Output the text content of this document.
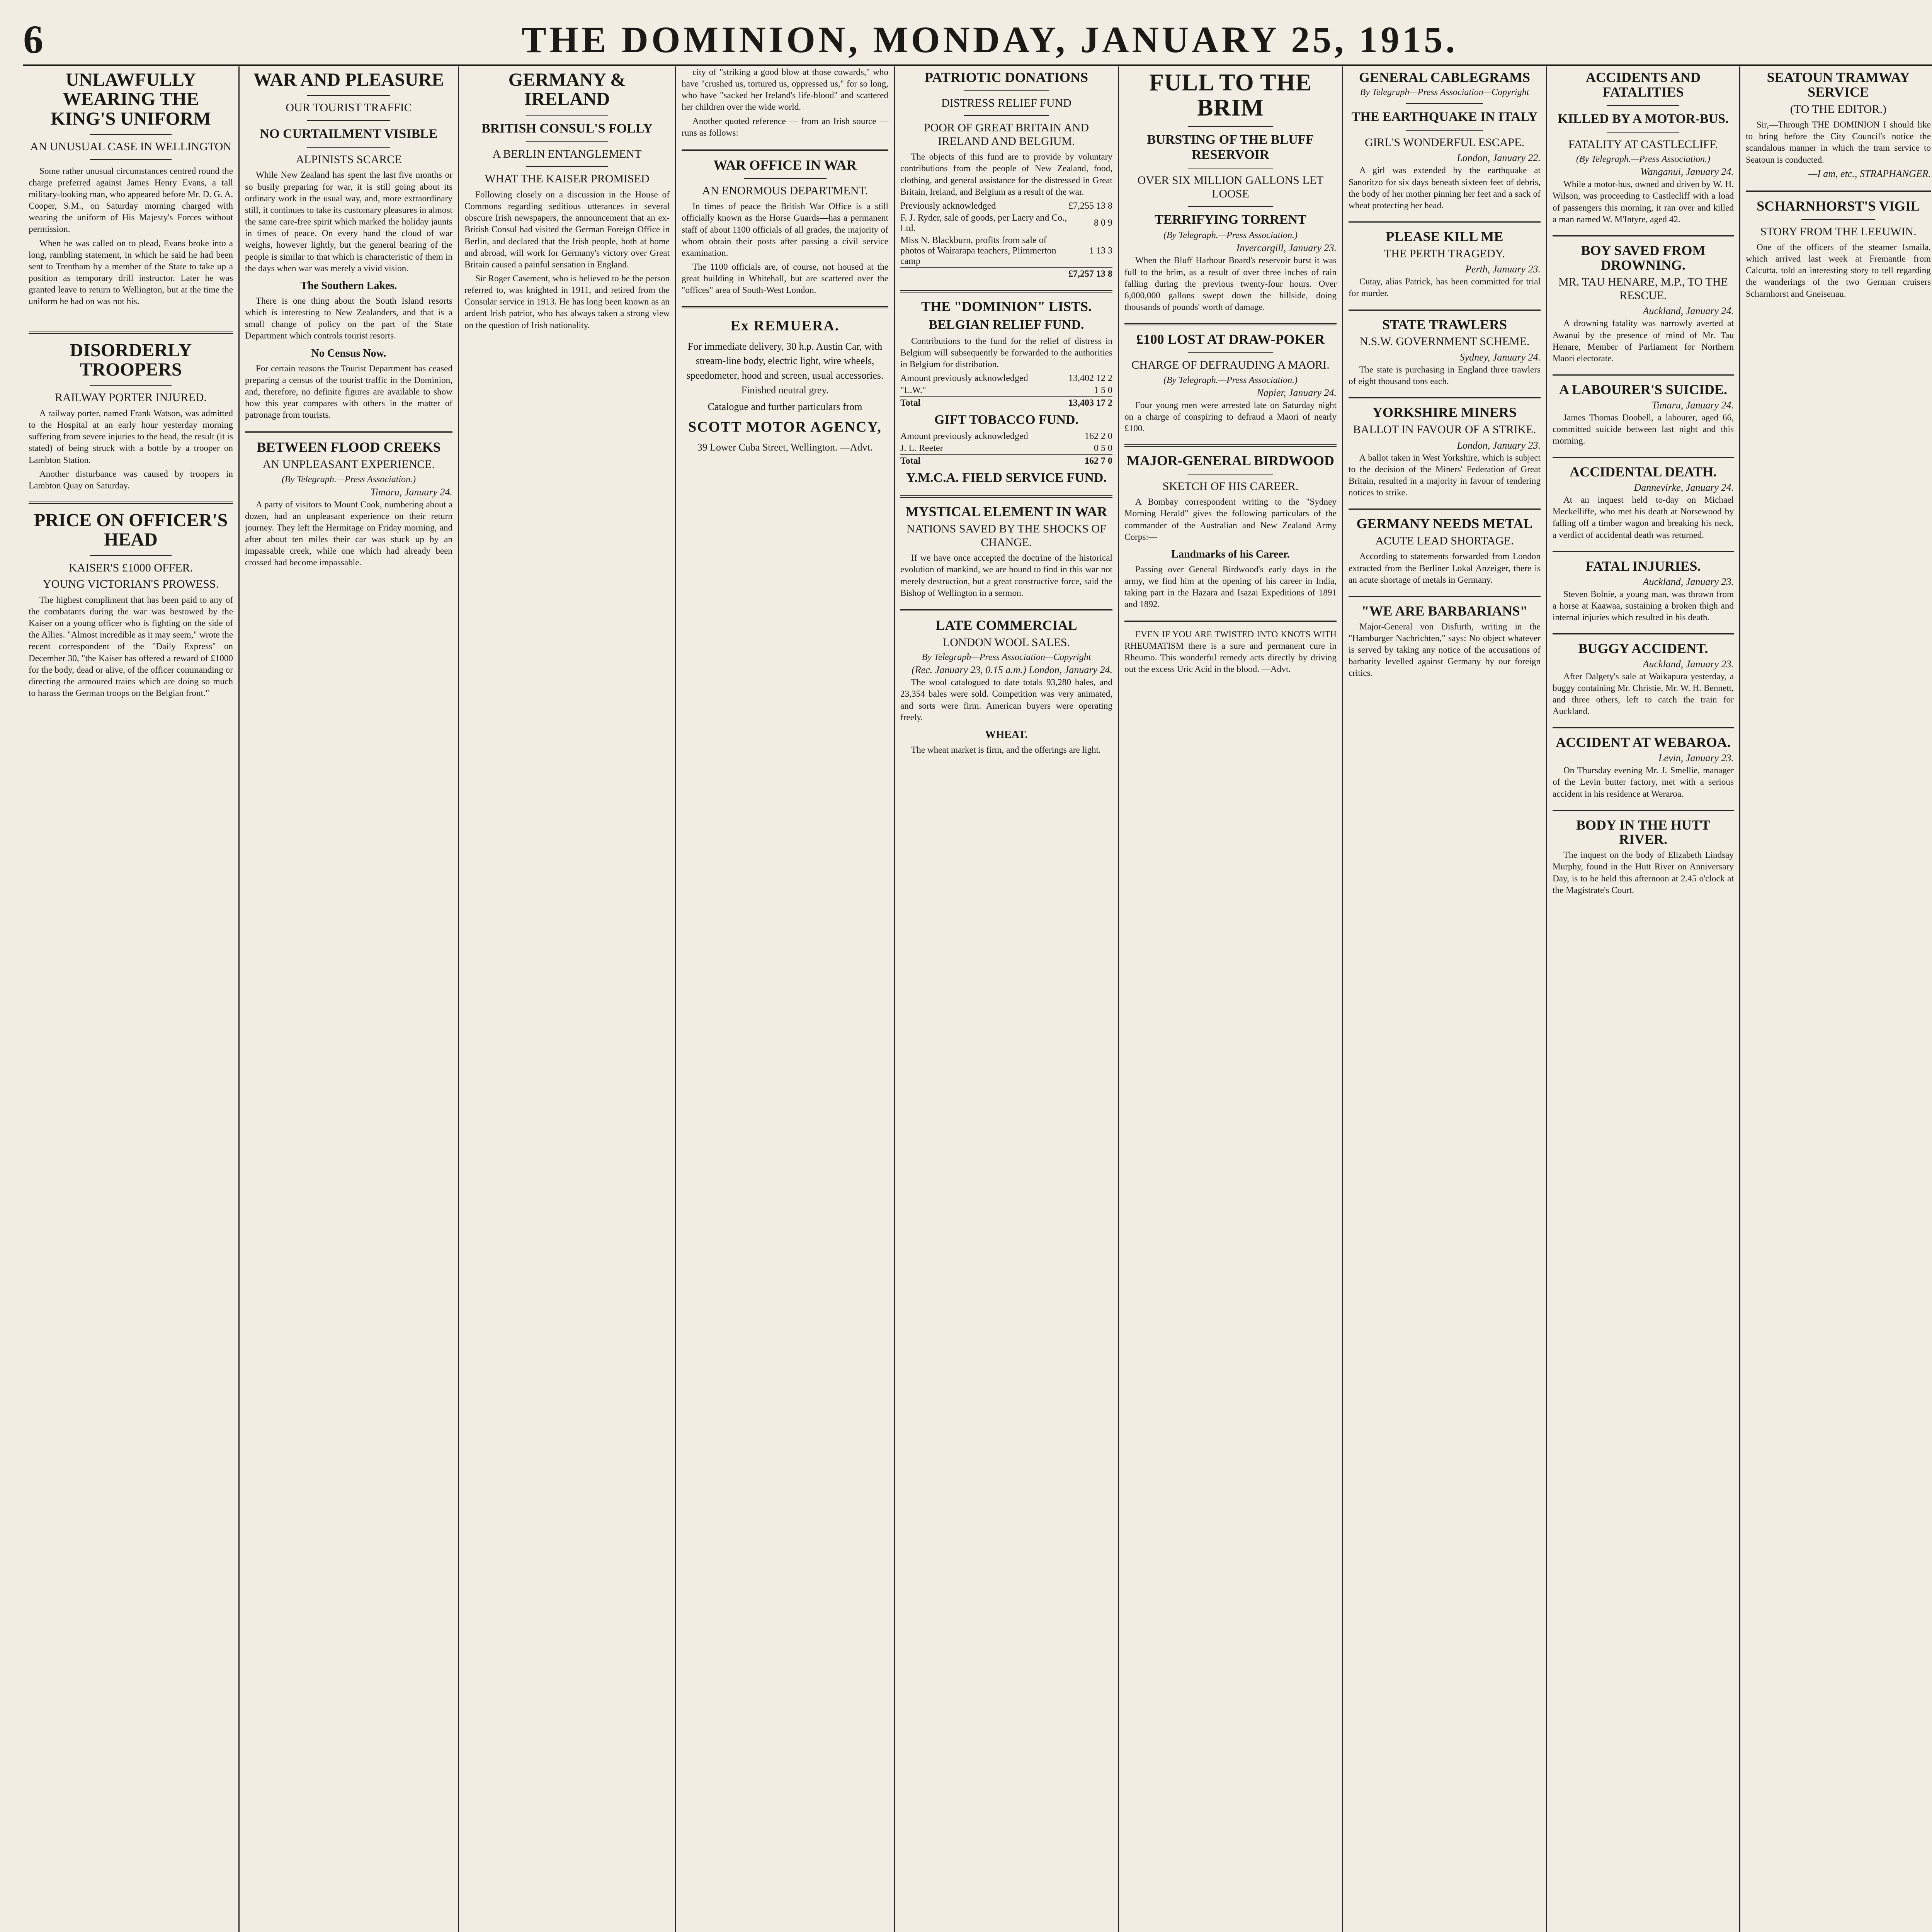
6	THE DOMINION, MONDAY, JANUARY 25, 1915.
UNLAWFULLY WEARING THE KING'S UNIFORM
AN UNUSUAL CASE IN WELLINGTON

Some rather unusual circumstances centred round the charge preferred against James Henry Evans, a tall military-looking man, who appeared before Mr. D. G. A. Cooper, S.M., on Saturday morning charged with wearing the uniform of His Majesty's Forces without permission.

When he was called on to plead, Evans broke into a long, rambling statement, in which he said he had been sent to Trentham by a member of the State to take up a position as temporary drill instructor. Later he was granted leave to return to Wellington, but at the time the uniform he had on was not his.

DISORDERLY TROOPERS
RAILWAY PORTER INJURED.

A railway porter, named Frank Watson, was admitted to the Hospital at an early hour yesterday morning suffering from severe injuries to the head, the result (it is stated) of being struck with a bottle by a trooper on Lambton Station.

Another disturbance was caused by troopers in Lambton Quay on Saturday.

PRICE ON OFFICER'S HEAD
KAISER'S £1000 OFFER.
YOUNG VICTORIAN'S PROWESS.

The highest compliment that has been paid to any of the combatants during the war was bestowed by the Kaiser on a young officer who is fighting on the side of the Allies. "Almost incredible as it may seem," wrote the recent correspondent of the "Daily Express" on December 30, "the Kaiser has offered a reward of £1000 for the body, dead or alive, of the officer commanding or directing the armoured trains which are doing so much to harass the German troops on the Belgian front."

WAR AND PLEASURE
OUR TOURIST TRAFFIC
NO CURTAILMENT VISIBLE
ALPINISTS SCARCE

While New Zealand has spent the last five months or so busily preparing for war, it is still going about its ordinary work in the usual way, and, more extraordinary still, it continues to take its customary pleasures in almost the same care-free spirit which marked the holiday jaunts in times of peace. On every hand the cloud of war weighs, however lightly, but the general bearing of the people is similar to that which is characteristic of them in the days when war was merely a vivid vision.

The Southern Lakes.

There is one thing about the South Island resorts which is interesting to New Zealanders, and that is a small change of policy on the part of the State Department which controls tourist resorts.

No Census Now.

For certain reasons the Tourist Department has ceased preparing a census of the tourist traffic in the Dominion, and, therefore, no definite figures are available to show how this year compares with others in the matter of patronage from tourists.

BETWEEN FLOOD CREEKS
AN UNPLEASANT EXPERIENCE.
(By Telegraph.—Press Association.)
Timaru, January 24.

A party of visitors to Mount Cook, numbering about a dozen, had an unpleasant experience on their return journey. They left the Hermitage on Friday morning, and after about ten miles their car was stuck up by an impassable creek, while one which had already been crossed had become impassable.

GERMANY & IRELAND
BRITISH CONSUL'S FOLLY
A BERLIN ENTANGLEMENT
WHAT THE KAISER PROMISED

Following closely on a discussion in the House of Commons regarding seditious utterances in several obscure Irish newspapers, the announcement that an ex-British Consul had visited the German Foreign Office in Berlin, and declared that the Irish people, both at home and abroad, will work for Germany's victory over Great Britain caused a painful sensation in England.

Sir Roger Casement, who is believed to be the person referred to, was knighted in 1911, and retired from the Consular service in 1913. He has long been known as an ardent Irish patriot, who has always taken a strong view on the question of Irish nationality.

city of "striking a good blow at those cowards," who have "crushed us, tortured us, oppressed us," for so long, who have "sacked her Ireland's life-blood" and scattered her children over the wide world.

Another quoted reference — from an Irish source — runs as follows:

WAR OFFICE IN WAR
AN ENORMOUS DEPARTMENT.

In times of peace the British War Office is a still officially known as the Horse Guards—has a permanent staff of about 1100 officials of all grades, the majority of whom obtain their posts after passing a civil service examination.

The 1100 officials are, of course, not housed at the great building in Whitehall, but are scattered over the "offices" area of South-West London.

Ex REMUERA.
For immediate delivery, 30 h.p. Austin Car, with stream-line body, electric light, wire wheels, speedometer, hood and screen, usual accessories. Finished neutral grey.
Catalogue and further particulars from
SCOTT MOTOR AGENCY,
39 Lower Cuba Street, Wellington. —Advt.
PATRIOTIC DONATIONS
DISTRESS RELIEF FUND
POOR OF GREAT BRITAIN AND IRELAND AND BELGIUM.

The objects of this fund are to provide by voluntary contributions from the people of New Zealand, food, clothing, and general assistance for the distressed in Great Britain, Ireland, and Belgium as a result of the war.

Previously acknowledged	£7,255 13 8
F. J. Ryder, sale of goods, per Laery and Co., Ltd.	8 0 9
Miss N. Blackburn, profits from sale of photos of Wairarapa teachers, Plimmerton camp	1 13 3
	£7,257 13 8
THE "DOMINION" LISTS.
BELGIAN RELIEF FUND.

Contributions to the fund for the relief of distress in Belgium will subsequently be forwarded to the authorities in Belgium for distribution.

Amount previously acknowledged	13,402 12 2
"L.W."	1 5 0
Total	13,403 17 2
GIFT TOBACCO FUND.
Amount previously acknowledged	162 2 0
J. L. Reeter	0 5 0
Total	162 7 0
Y.M.C.A. FIELD SERVICE FUND.
MYSTICAL ELEMENT IN WAR
NATIONS SAVED BY THE SHOCKS OF CHANGE.

If we have once accepted the doctrine of the historical evolution of mankind, we are bound to find in this war not merely destruction, but a great constructive force, said the Bishop of Wellington in a sermon.

LATE COMMERCIAL
LONDON WOOL SALES.
By Telegraph—Press Association—Copyright
(Rec. January 23, 0.15 a.m.) London, January 24.

The wool catalogued to date totals 93,280 bales, and 23,354 bales were sold. Competition was very animated, and sorts were firm. American buyers were operating freely.

WHEAT.

The wheat market is firm, and the offerings are light.

FULL TO THE BRIM
BURSTING OF THE BLUFF RESERVOIR
OVER SIX MILLION GALLONS LET LOOSE
TERRIFYING TORRENT
(By Telegraph.—Press Association.)
Invercargill, January 23.

When the Bluff Harbour Board's reservoir burst it was full to the brim, as a result of over three inches of rain falling during the previous twenty-four hours. Over 6,000,000 gallons swept down the hillside, doing thousands of pounds' worth of damage.

£100 LOST AT DRAW-POKER
CHARGE OF DEFRAUDING A MAORI.
(By Telegraph.—Press Association.)
Napier, January 24.

Four young men were arrested late on Saturday night on a charge of conspiring to defraud a Maori of nearly £100.

MAJOR-GENERAL BIRDWOOD
SKETCH OF HIS CAREER.

A Bombay correspondent writing to the "Sydney Morning Herald" gives the following particulars of the commander of the Australian and New Zealand Army Corps:—

Landmarks of his Career.

Passing over General Birdwood's early days in the army, we find him at the opening of his career in India, taking part in the Hazara and Isazai Expeditions of 1891 and 1892.

EVEN IF YOU ARE TWISTED INTO KNOTS WITH RHEUMATISM there is a sure and permanent cure in Rheumo. This wonderful remedy acts directly by driving out the excess Uric Acid in the blood. —Advt.

GENERAL CABLEGRAMS
By Telegraph—Press Association—Copyright
THE EARTHQUAKE IN ITALY
GIRL'S WONDERFUL ESCAPE.
London, January 22.

A girl was extended by the earthquake at Sanoritzo for six days beneath sixteen feet of debris, the body of her mother pinning her feet and a sack of wheat protecting her head.

PLEASE KILL ME
THE PERTH TRAGEDY.
Perth, January 23.

Cutay, alias Patrick, has been committed for trial for murder.

STATE TRAWLERS
N.S.W. GOVERNMENT SCHEME.
Sydney, January 24.

The state is purchasing in England three trawlers of eight thousand tons each.

YORKSHIRE MINERS
BALLOT IN FAVOUR OF A STRIKE.
London, January 23.

A ballot taken in West Yorkshire, which is subject to the decision of the Miners' Federation of Great Britain, resulted in a majority in favour of tendering notices to strike.

GERMANY NEEDS METAL
ACUTE LEAD SHORTAGE.

According to statements forwarded from London extracted from the Berliner Lokal Anzeiger, there is an acute shortage of metals in Germany.

"WE ARE BARBARIANS"

Major-General von Disfurth, writing in the "Hamburger Nachrichten," says: No object whatever is served by taking any notice of the accusations of barbarity levelled against Germany by our foreign critics.

ACCIDENTS AND FATALITIES
KILLED BY A MOTOR-BUS.
FATALITY AT CASTLECLIFF.
(By Telegraph.—Press Association.)
Wanganui, January 24.

While a motor-bus, owned and driven by W. H. Wilson, was proceeding to Castlecliff with a load of passengers this morning, it ran over and killed a man named W. M'Intyre, aged 42.

BOY SAVED FROM DROWNING.
MR. TAU HENARE, M.P., TO THE RESCUE.
Auckland, January 24.

A drowning fatality was narrowly averted at Awanui by the presence of mind of Mr. Tau Henare, Member of Parliament for Northern Maori electorate.

A LABOURER'S SUICIDE.
Timaru, January 24.

James Thomas Doobell, a labourer, aged 66, committed suicide between last night and this morning.

ACCIDENTAL DEATH.
Dannevirke, January 24.

At an inquest held to-day on Michael Meckelliffe, who met his death at Norsewood by falling off a timber wagon and breaking his neck, a verdict of accidental death was returned.

FATAL INJURIES.
Auckland, January 23.

Steven Bolnie, a young man, was thrown from a horse at Kaawaa, sustaining a broken thigh and internal injuries which resulted in his death.

BUGGY ACCIDENT.
Auckland, January 23.

After Dalgety's sale at Waikapura yesterday, a buggy containing Mr. Christie, Mr. W. H. Bennett, and three others, left to catch the train for Auckland.

ACCIDENT AT WEBAROA.
Levin, January 23.

On Thursday evening Mr. J. Smellie, manager of the Levin butter factory, met with a serious accident in his residence at Weraroa.

BODY IN THE HUTT RIVER.

The inquest on the body of Elizabeth Lindsay Murphy, found in the Hutt River on Anniversary Day, is to be held this afternoon at 2.45 o'clock at the Magistrate's Court.

SEATOUN TRAMWAY SERVICE
(TO THE EDITOR.)

Sir,—Through THE DOMINION I should like to bring before the City Council's notice the scandalous manner in which the tram service to Seatoun is conducted.

—I am, etc., STRAPHANGER.
SCHARNHORST'S VIGIL
STORY FROM THE LEEUWIN.

One of the officers of the steamer Ismaila, which arrived last week at Fremantle from Calcutta, told an interesting story to tell regarding the wanderings of the two German cruisers Scharnhorst and Gneisenau.
